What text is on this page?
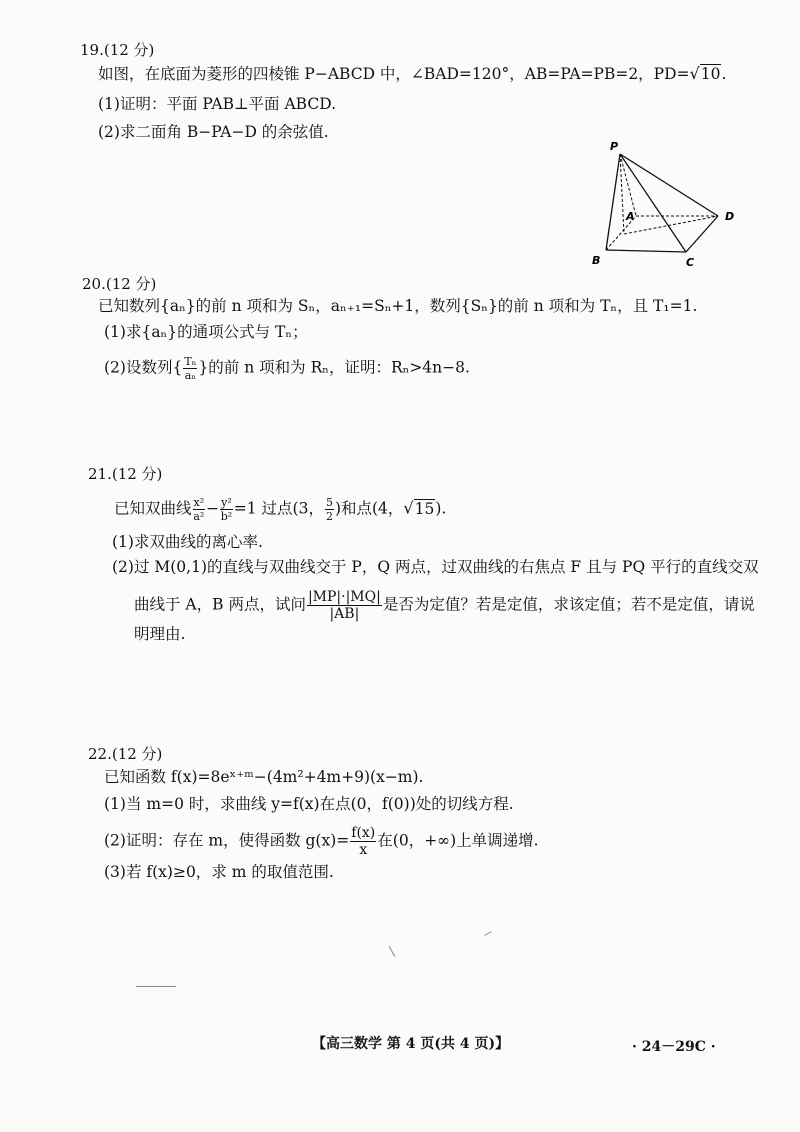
19.(12 分)
如图，在底面为菱形的四棱锥 P−ABCD 中，∠BAD=120°，AB=PA=PB=2，PD=√10.
(1)证明：平面 PAB⊥平面 ABCD.
(2)求二面角 B−PA−D 的余弦值.
P
A
B	C
D
20.(12 分)
已知数列{aₙ}的前 n 项和为 Sₙ，aₙ₊₁=Sₙ+1，数列{Sₙ}的前 n 项和为 Tₙ，且 T₁=1.
(1)求{aₙ}的通项公式与 Tₙ；
(2)设数列{ $\frac{\text{Tₙ}}{\text{aₙ}}$ }的前 n 项和为 Rₙ，证明：Rₙ>4n−8.
21.(12 分)
已知双曲线 $\frac{\text{x²}}{\text{a²}} - \frac{\text{y²}}{\text{b²}} =1$ 过点(3， $\frac{5}{2}$ )和点(4，√15).
(1)求双曲线的离心率.
(2)过 M(0,1)的直线与双曲线交于 P，Q 两点，过双曲线的右焦点 F 且与 PQ 平行的直线交双
曲线于 A，B 两点，试问 $\frac{|MP|\cdot|MQ|}{|AB|}$ 是否为定值？若是定值，求该定值；若不是定值，请说
明理由.
22.(12 分)
已知函数 f(x)=8eˣ⁺ᵐ−(4m²+4m+9)(x−m).
(1)当 m=0 时，求曲线 y=f(x)在点(0，f(0))处的切线方程.
(2)证明：存在 m，使得函数 $g(x)= \frac{f(x)}{x}$ 在(0，+∞)上单调递增.
(3)若 f(x)≥0，求 m 的取值范围.
【高三数学 第 4 页(共 4 页)】	· 24－29C ·
